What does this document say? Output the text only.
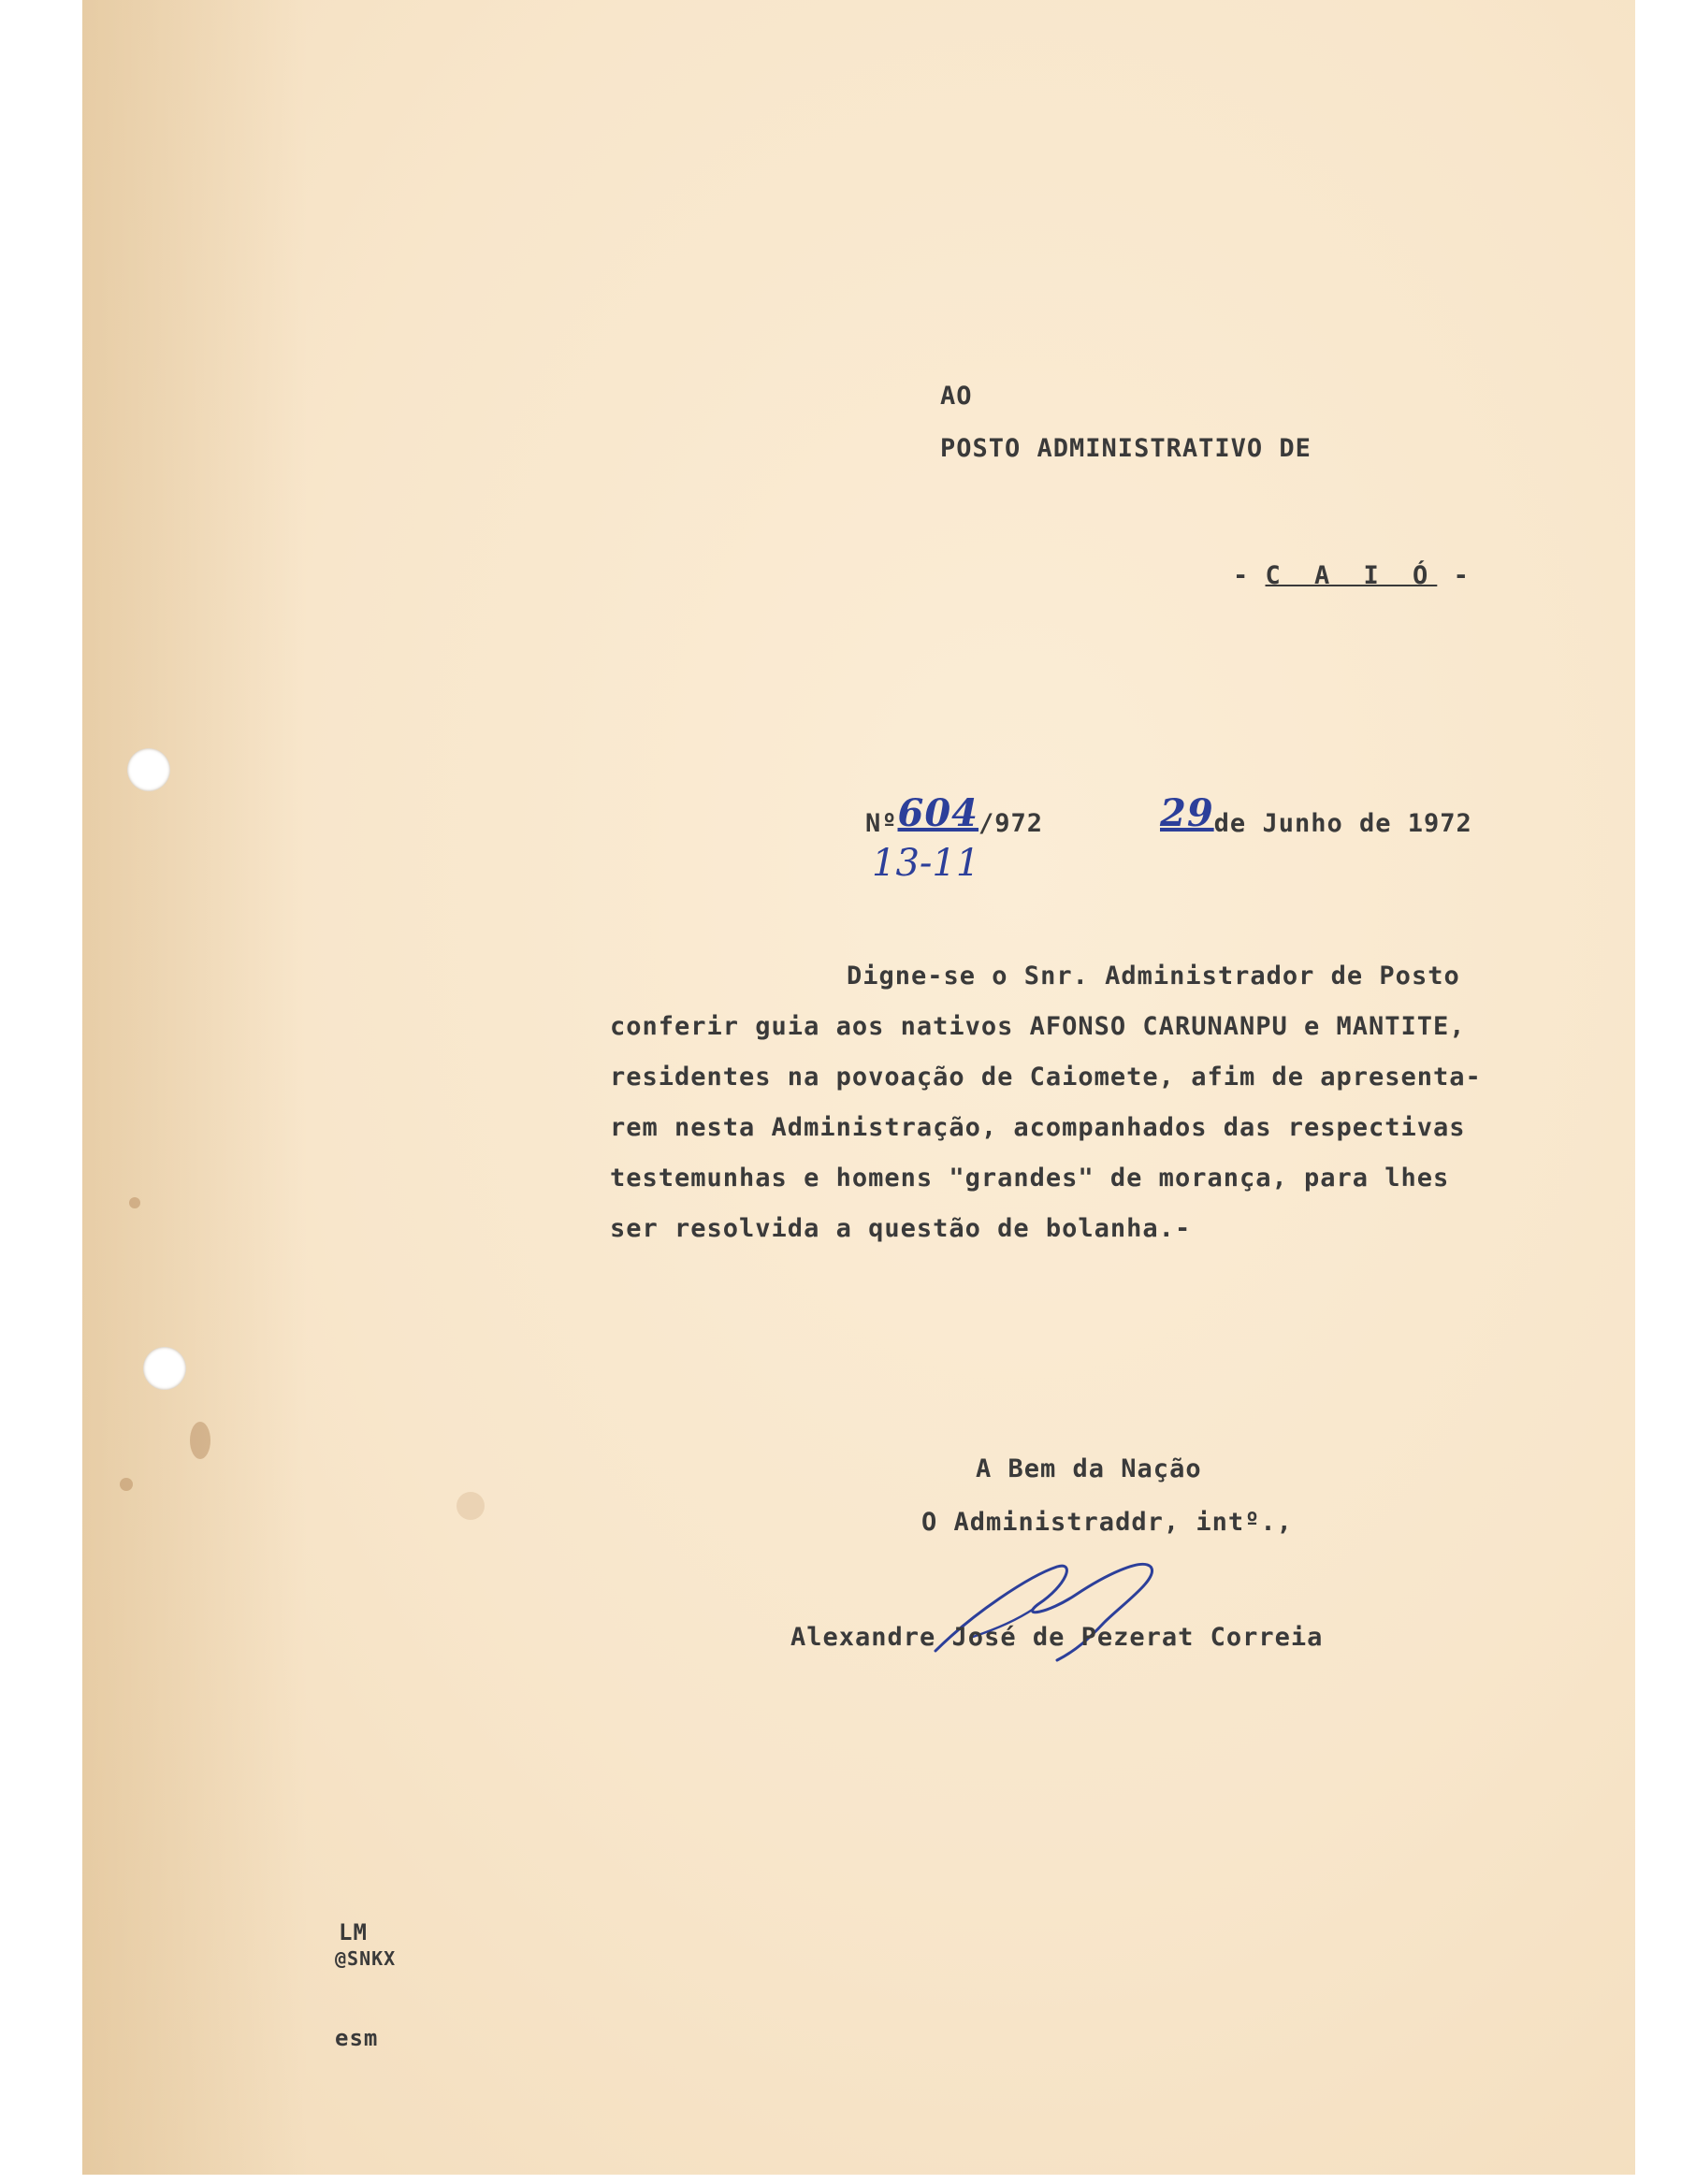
AO

POSTO ADMINISTRATIVO DE

- C A I Ó -

Nº604/972	29de Junho de 1972

13-11

Digne-se o Snr. Administrador de Posto

conferir guia aos nativos AFONSO CARUNANPU e MANTITE,

residentes na povoação de Caiomete, afim de apresenta-

rem nesta Administração, acompanhados das respectivas

testemunhas e homens "grandes" de morança, para lhes

ser resolvida a questão de bolanha.-

A Bem da Nação

O Administraddr, intº.,

Alexandre José de Pezerat Correia

LM

@SNKX

esm
